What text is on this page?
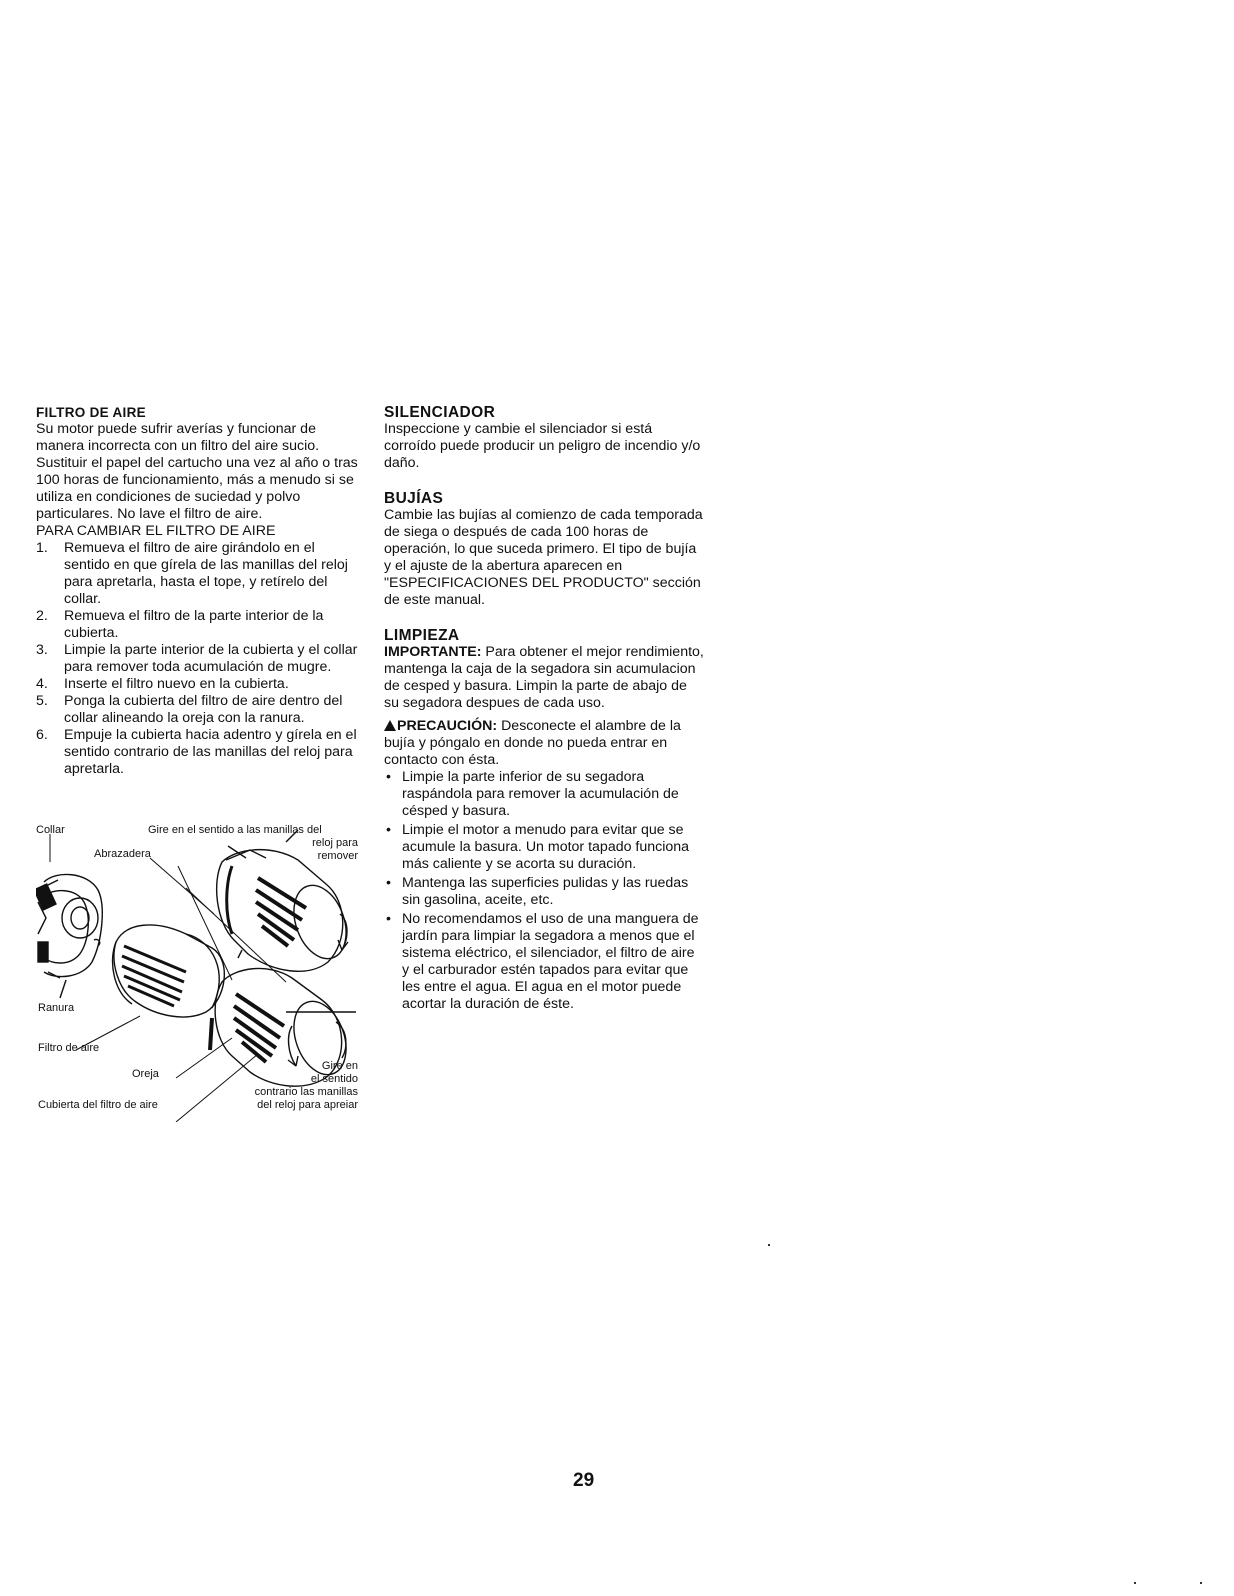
FILTRO DE AIRE

Su motor puede sufrir averías y funcionar de manera incorrecta con un filtro del aire sucio. Sustituir el papel del cartucho una vez al año o tras 100 horas de funcionamiento, más a menudo si se utiliza en condiciones de suciedad y polvo particulares. No lave el filtro de aire.

PARA CAMBIAR EL FILTRO DE AIRE

1.	Remueva el filtro de aire girándolo en el sentido en que gírela de las manillas del reloj para apretarla, hasta el tope, y retírelo del collar.
2.	Remueva el filtro de la parte interior de la cubierta.
3.	Limpie la parte interior de la cubierta y el collar para remover toda acumulación de mugre.
4.	Inserte el filtro nuevo en la cubierta.
5.	Ponga la cubierta del filtro de aire dentro del collar alineando la oreja con la ranura.
6.	Empuje la cubierta hacia adentro y gírela en el sentido contrario de las manillas del reloj para apretarla.
Collar	Gire en el sentido a las manillas del
reloj para
remover
Abrazadera
Ranura
Filtro de aire
Oreja
Gire en
el sentido
contrario las manillas
del reloj para apreiar
Cubierta del filtro de aire
SILENCIADOR

Inspeccione y cambie el silenciador si está corroído puede producir un peligro de incendio y/o daño.

BUJÍAS

Cambie las bujías al comienzo de cada temporada de siega o después de cada 100 horas de operación, lo que suceda primero. El tipo de bujía y el ajuste de la abertura aparecen en "ESPECIFICACIONES DEL PRODUCTO" sección de este manual.

LIMPIEZA

IMPORTANTE: Para obtener el mejor rendimiento, mantenga la caja de la segadora sin acumulacion de cesped y basura. Limpin la parte de abajo de su segadora despues de cada uso.

PRECAUCIÓN: Desconecte el alambre de la bujía y póngalo en donde no pueda entrar en contacto con ésta.

• Limpie la parte inferior de su segadora raspándola para remover la acumulación de césped y basura.
• Limpie el motor a menudo para evitar que se acumule la basura. Un motor tapado funciona más caliente y se acorta su duración.
• Mantenga las superficies pulidas y las ruedas sin gasolina, aceite, etc.
• No recomendamos el uso de una manguera de jardín para limpiar la segadora a menos que el sistema eléctrico, el silenciador, el filtro de aire y el carburador estén tapados para evitar que les entre el agua. El agua en el motor puede acortar la duración de éste.
29
